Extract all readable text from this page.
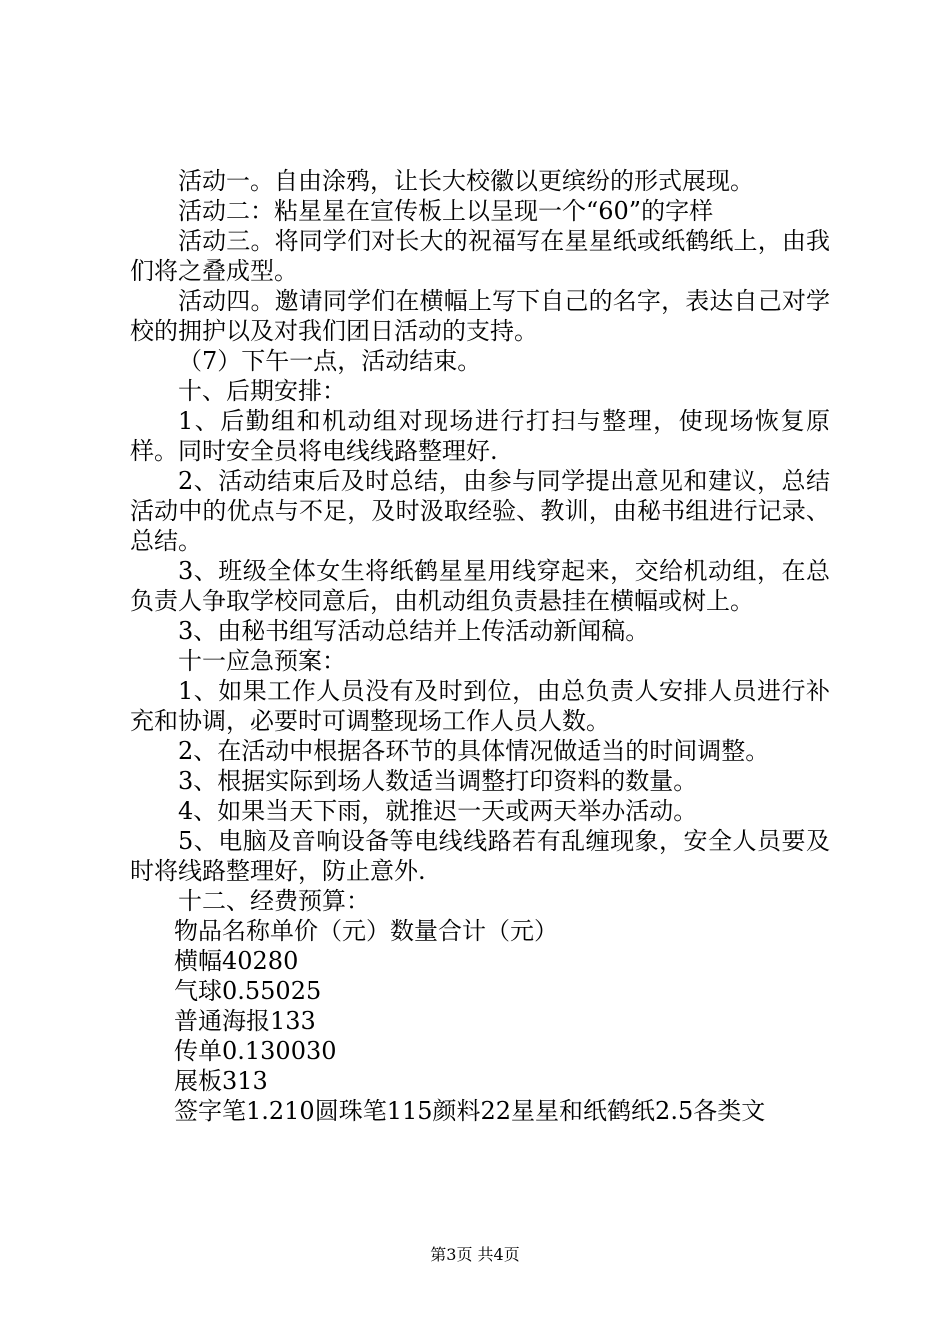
活动一。自由涂鸦，让长大校徽以更缤纷的形式展现。

活动二：粘星星在宣传板上以呈现一个“60”的字样

活动三。将同学们对长大的祝福写在星星纸或纸鹤纸上，由我们将之叠成型。

活动四。邀请同学们在横幅上写下自己的名字，表达自己对学校的拥护以及对我们团日活动的支持。

（7）下午一点，活动结束。

十、后期安排：

1、后勤组和机动组对现场进行打扫与整理，使现场恢复原样。同时安全员将电线线路整理好.

2、活动结束后及时总结，由参与同学提出意见和建议，总结活动中的优点与不足，及时汲取经验、教训，由秘书组进行记录、总结。

3、班级全体女生将纸鹤星星用线穿起来，交给机动组，在总负责人争取学校同意后，由机动组负责悬挂在横幅或树上。

3、由秘书组写活动总结并上传活动新闻稿。

十一应急预案：

1、如果工作人员没有及时到位，由总负责人安排人员进行补充和协调，必要时可调整现场工作人员人数。

2、在活动中根据各环节的具体情况做适当的时间调整。

3、根据实际到场人数适当调整打印资料的数量。

4、如果当天下雨，就推迟一天或两天举办活动。

5、电脑及音响设备等电线线路若有乱缠现象，安全人员要及时将线路整理好，防止意外.

十二、经费预算：

物品名称单价（元）数量合计（元）

横幅40280

气球0.55025

普通海报133

传单0.130030

展板313

签字笔1.210圆珠笔115颜料22星星和纸鹤纸2.5各类文

第3页 共4页
